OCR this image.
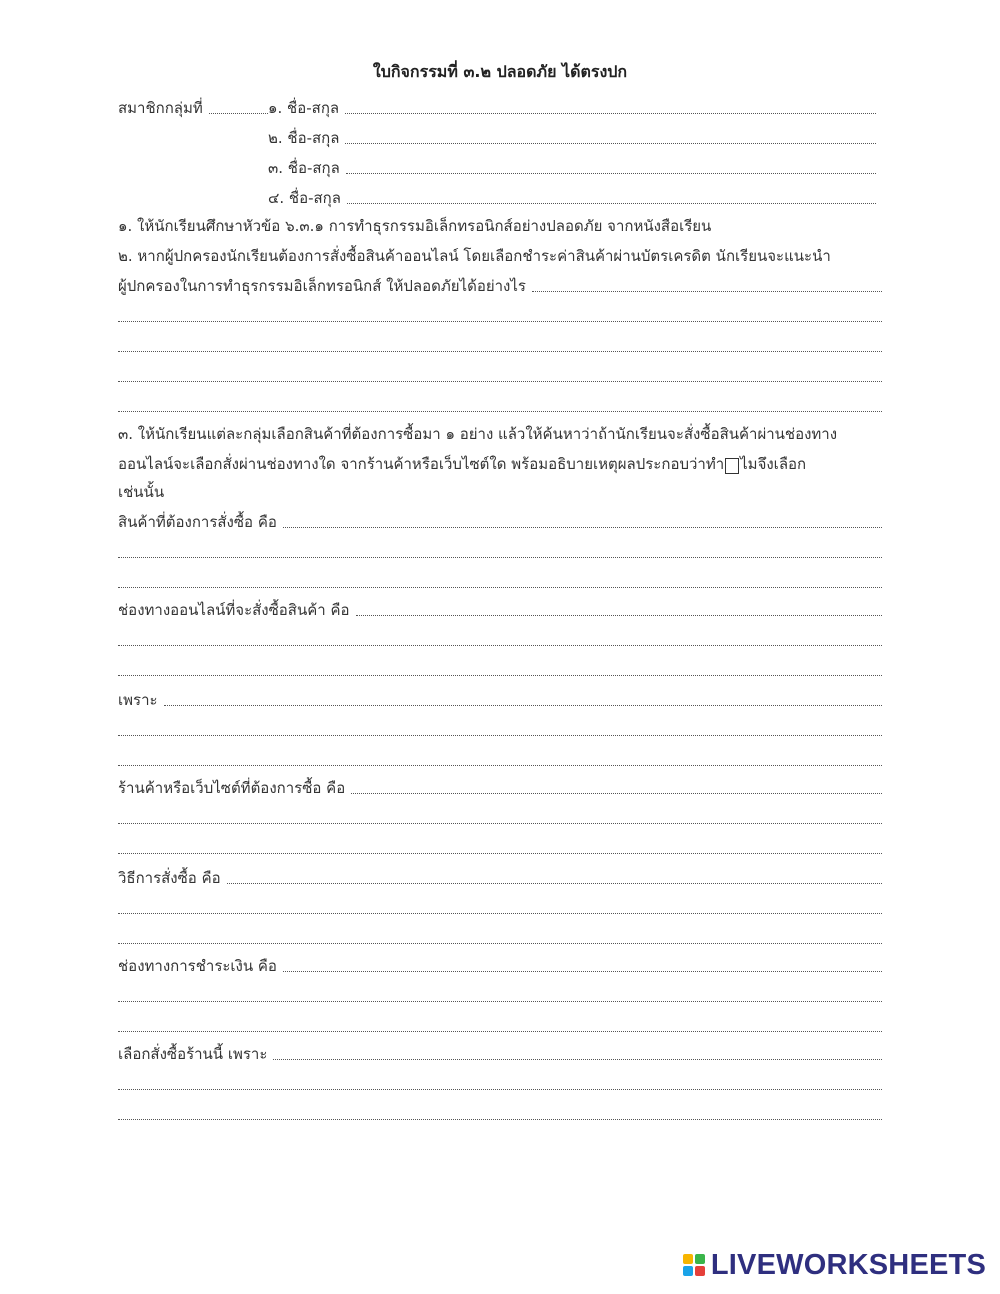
ใบกิจกรรมที่ ๓.๒ ปลอดภัย ได้ตรงปก
สมาชิกกลุ่มที่	๑. ชื่อ-สกุล
๒. ชื่อ-สกุล
๓. ชื่อ-สกุล
๔. ชื่อ-สกุล
๑. ให้นักเรียนศึกษาหัวข้อ ๖.๓.๑ การทำธุรกรรมอิเล็กทรอนิกส์อย่างปลอดภัย จากหนังสือเรียน
๒. หากผู้ปกครองนักเรียนต้องการสั่งซื้อสินค้าออนไลน์ โดยเลือกชำระค่าสินค้าผ่านบัตรเครดิต นักเรียนจะแนะนำ
ผู้ปกครองในการทำธุรกรรมอิเล็กทรอนิกส์ ให้ปลอดภัยได้อย่างไร
๓. ให้นักเรียนแต่ละกลุ่มเลือกสินค้าที่ต้องการซื้อมา ๑ อย่าง แล้วให้ค้นหาว่าถ้านักเรียนจะสั่งซื้อสินค้าผ่านช่องทาง
ออนไลน์จะเลือกสั่งผ่านช่องทางใด จากร้านค้าหรือเว็บไซต์ใด พร้อมอธิบายเหตุผลประกอบว่าทำ ไมจึงเลือก
เช่นนั้น
สินค้าที่ต้องการสั่งซื้อ คือ
ช่องทางออนไลน์ที่จะสั่งซื้อสินค้า คือ
เพราะ
ร้านค้าหรือเว็บไซต์ที่ต้องการซื้อ คือ
วิธีการสั่งซื้อ คือ
ช่องทางการชำระเงิน คือ
เลือกสั่งซื้อร้านนี้ เพราะ
LIVEWORKSHEETS
